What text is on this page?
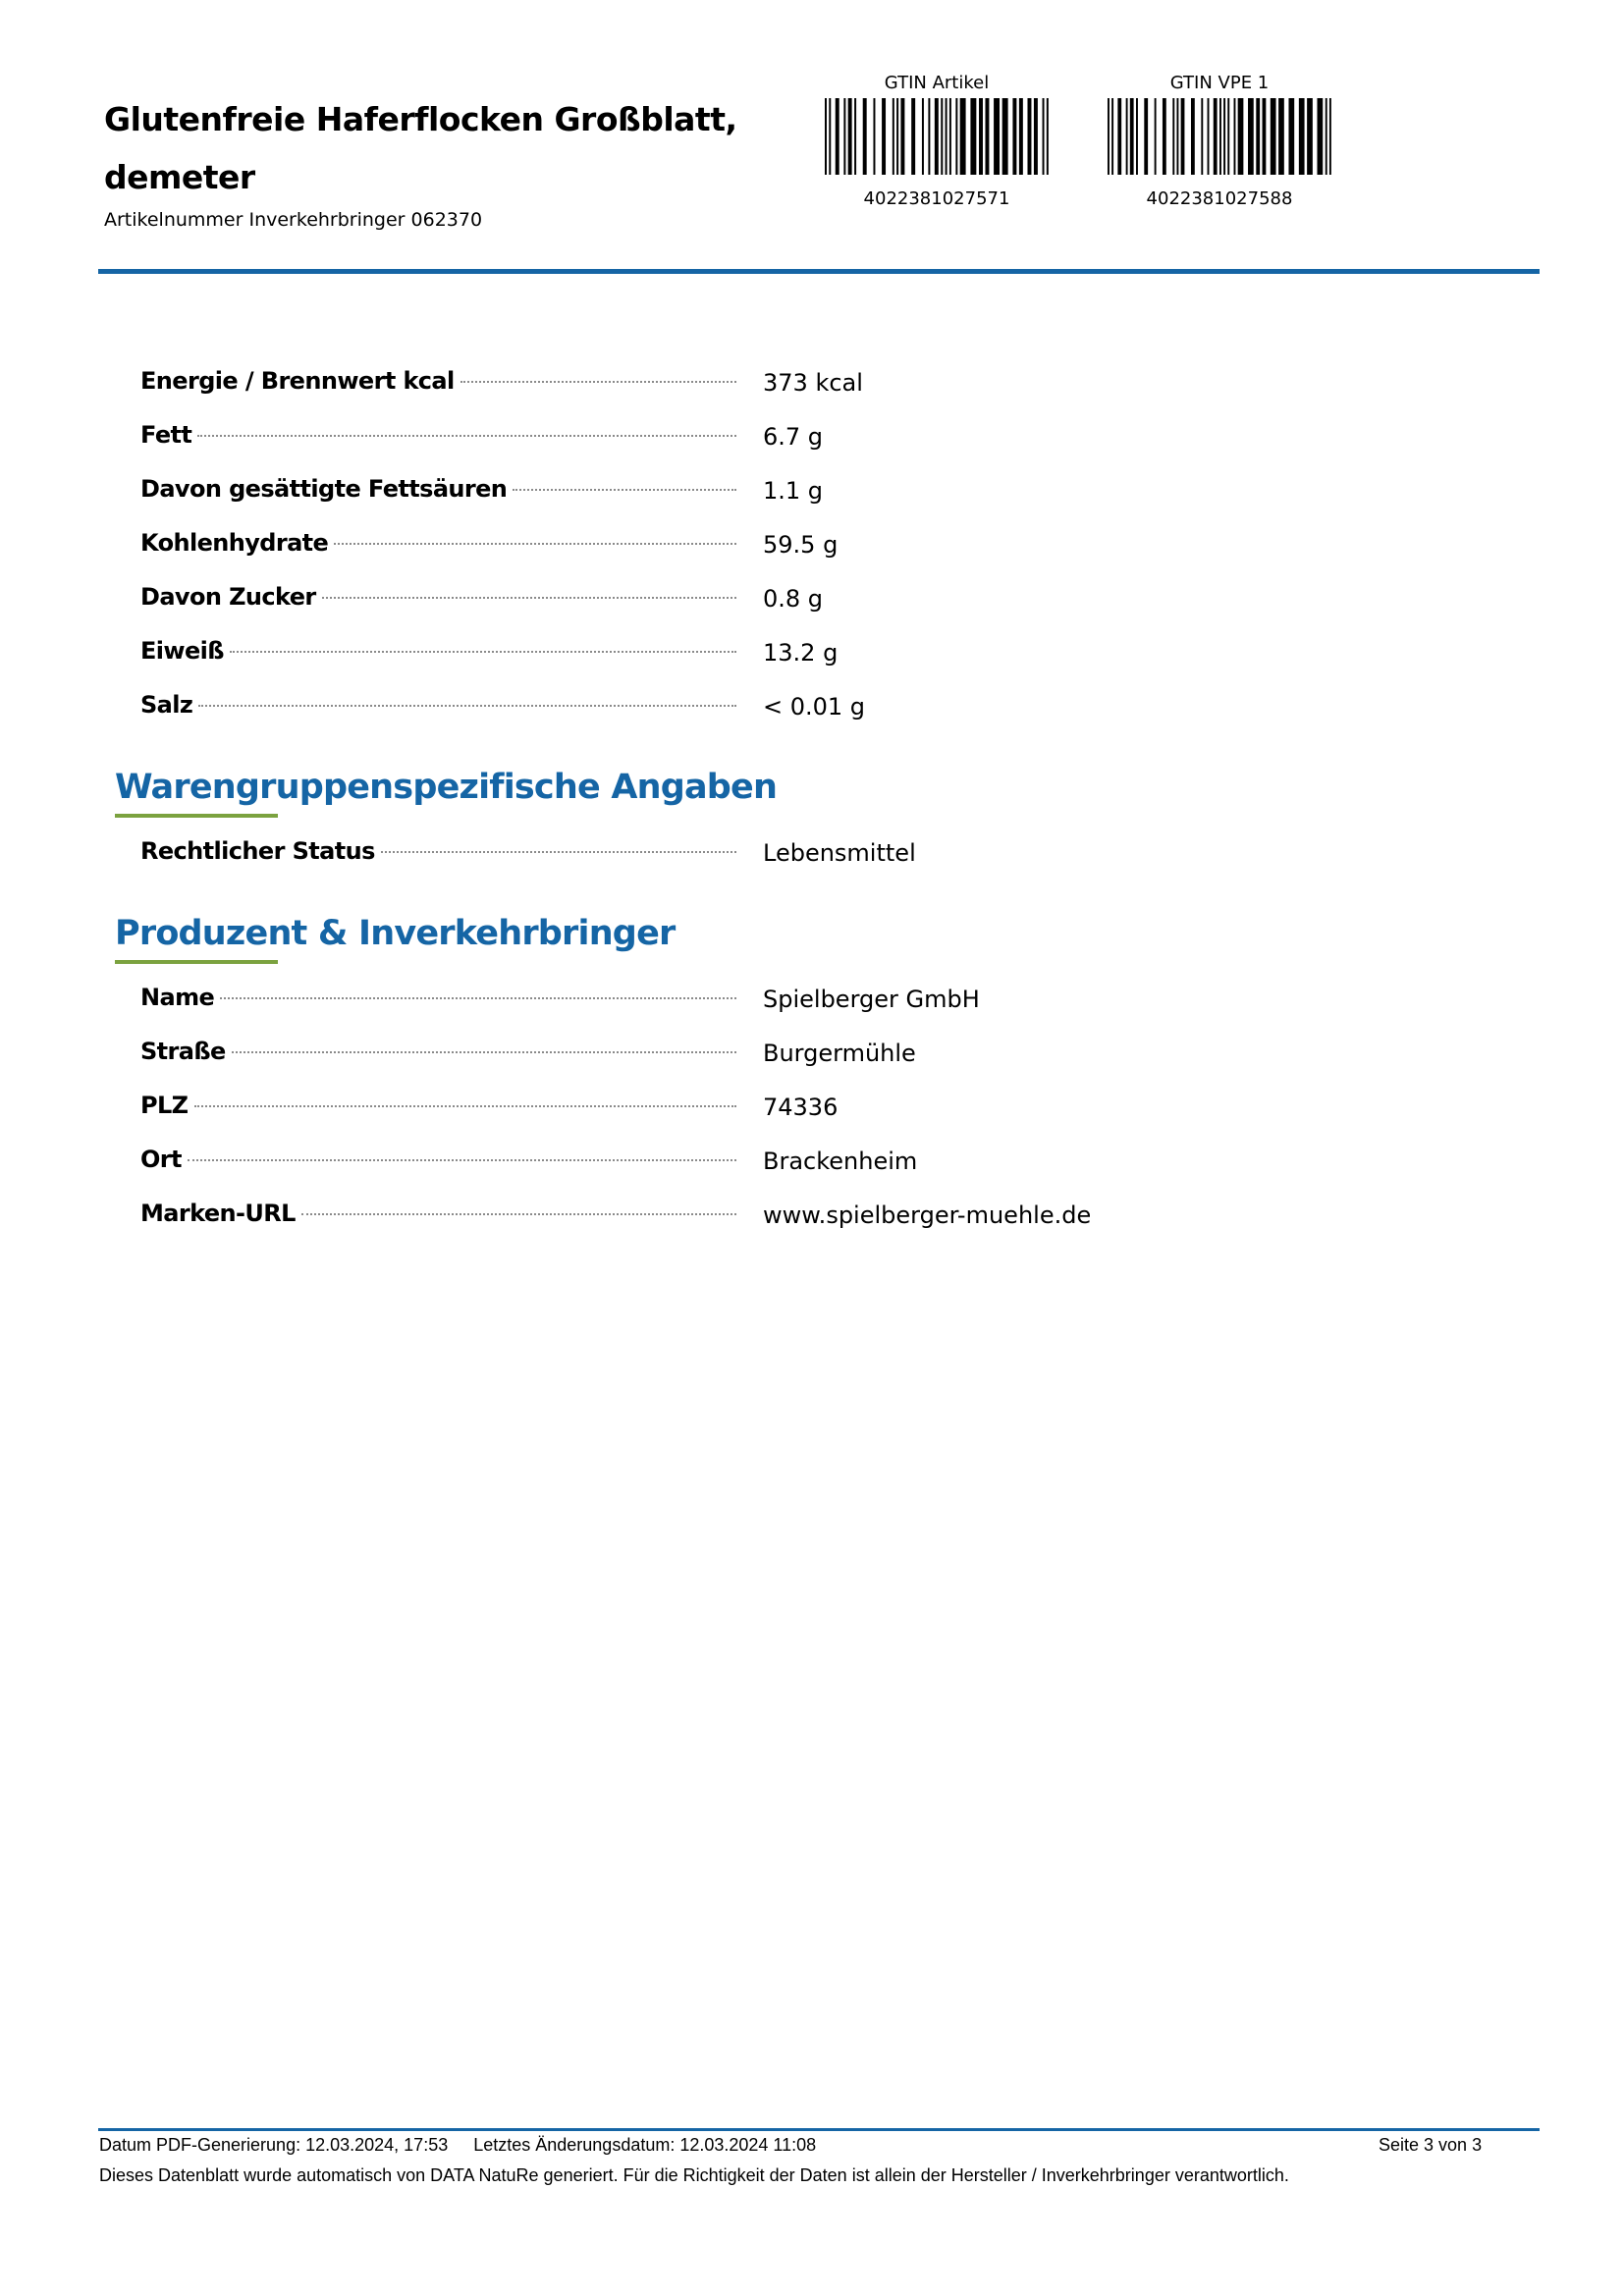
Glutenfreie Haferflocken Großblatt, demeter
Artikelnummer Inverkehrbringer 062370
GTIN Artikel
4022381027571
GTIN VPE 1
4022381027588
Energie / Brennwert kcal	373 kcal
Fett	6.7 g
Davon gesättigte Fettsäuren	1.1 g
Kohlenhydrate	59.5 g
Davon Zucker	0.8 g
Eiweiß	13.2 g
Salz	< 0.01 g
Warengruppenspezifische Angaben
Rechtlicher Status	Lebensmittel
Produzent & Inverkehrbringer
Name	Spielberger GmbH
Straße	Burgermühle
PLZ	74336
Ort	Brackenheim
Marken-URL	www.spielberger-muehle.de
Datum PDF-Generierung: 12.03.2024, 17:53 Letztes Änderungsdatum: 12.03.2024 11:08	Seite 3 von 3
Dieses Datenblatt wurde automatisch von DATA NatuRe generiert. Für die Richtigkeit der Daten ist allein der Hersteller / Inverkehrbringer verantwortlich.
